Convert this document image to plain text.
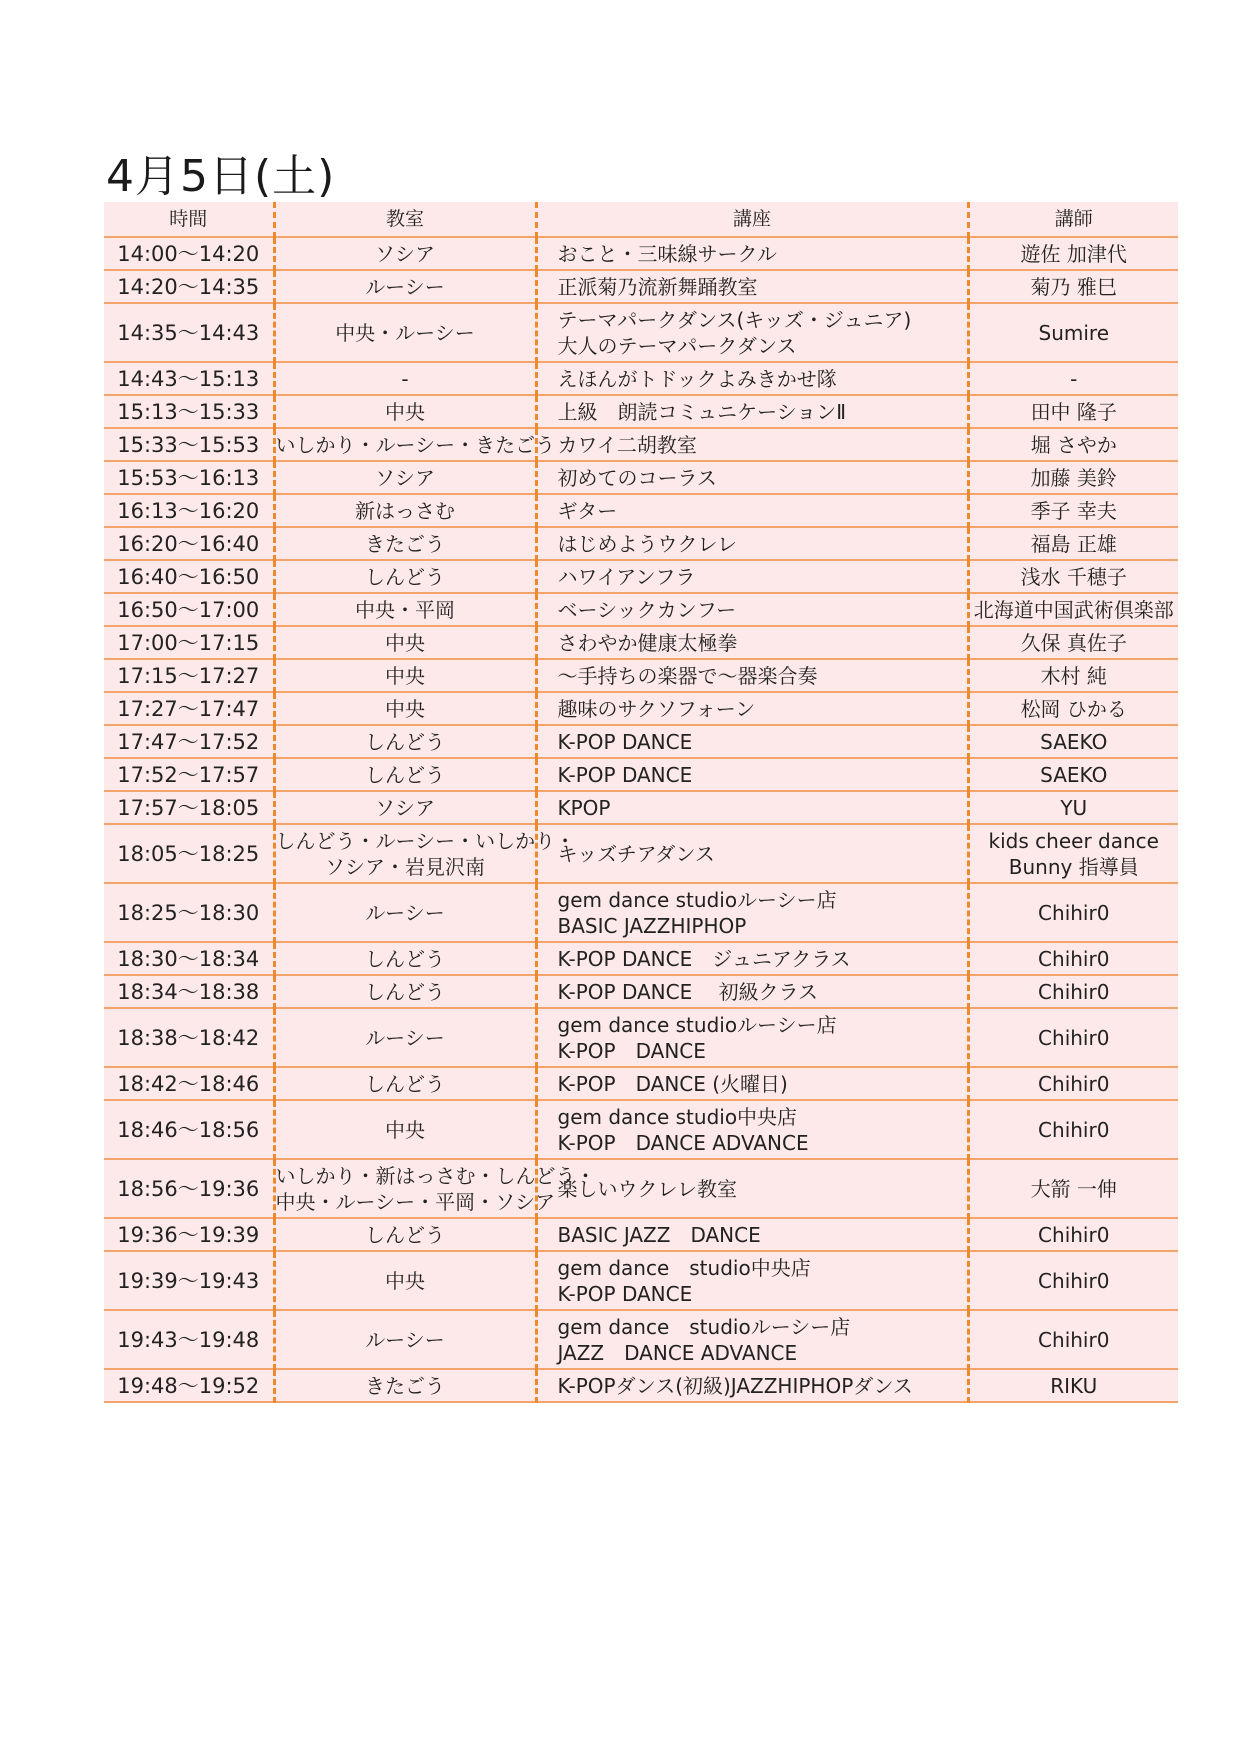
4月5日(土)
時間	教室	講座	講師
14:00〜14:20	ソシア	おこと・三味線サークル	遊佐 加津代

14:20〜14:35	ルーシー	正派菊乃流新舞踊教室	菊乃 雅巳

14:35〜14:43	中央・ルーシー	テーマパークダンス(キッズ・ジュニア)
大人のテーマパークダンス	Sumire

14:43〜15:13	-	えほんがトドックよみきかせ隊	-

15:13〜15:33	中央	上級　朗読コミュニケーションⅡ	田中 隆子

15:33〜15:53	いしかり・ルーシー・きたごう	カワイ二胡教室	堀 さやか

15:53〜16:13	ソシア	初めてのコーラス	加藤 美鈴

16:13〜16:20	新はっさむ	ギター	季子 幸夫

16:20〜16:40	きたごう	はじめようウクレレ	福島 正雄

16:40〜16:50	しんどう	ハワイアンフラ	浅水 千穂子

16:50〜17:00	中央・平岡	ベーシックカンフー	北海道中国武術倶楽部

17:00〜17:15	中央	さわやか健康太極拳	久保 真佐子

17:15〜17:27	中央	〜手持ちの楽器で〜器楽合奏	木村 純

17:27〜17:47	中央	趣味のサクソフォーン	松岡 ひかる

17:47〜17:52	しんどう	K-POP DANCE	SAEKO

17:52〜17:57	しんどう	K-POP DANCE	SAEKO

17:57〜18:05	ソシア	KPOP	YU

18:05〜18:25	しんどう・ルーシー・いしかり・
ソシア・岩見沢南	キッズチアダンス	kids cheer dance
Bunny 指導員

18:25〜18:30	ルーシー	gem dance studioルーシー店
BASIC JAZZHIPHOP	Chihir0

18:30〜18:34	しんどう	K-POP DANCE　ジュニアクラス	Chihir0

18:34〜18:38	しんどう	K-POP DANCE　 初級クラス	Chihir0

18:38〜18:42	ルーシー	gem dance studioルーシー店
K-POP　DANCE	Chihir0

18:42〜18:46	しんどう	K-POP　DANCE (火曜日)	Chihir0

18:46〜18:56	中央	gem dance studio中央店
K-POP　DANCE ADVANCE	Chihir0

18:56〜19:36	いしかり・新はっさむ・しんどう・
中央・ルーシー・平岡・ソシア	楽しいウクレレ教室	大箭 一伸

19:36〜19:39	しんどう	BASIC JAZZ　DANCE	Chihir0

19:39〜19:43	中央	gem dance　studio中央店
K-POP DANCE	Chihir0

19:43〜19:48	ルーシー	gem dance　studioルーシー店
JAZZ　DANCE ADVANCE	Chihir0

19:48〜19:52	きたごう	K-POPダンス(初級)JAZZHIPHOPダンス	RIKU
